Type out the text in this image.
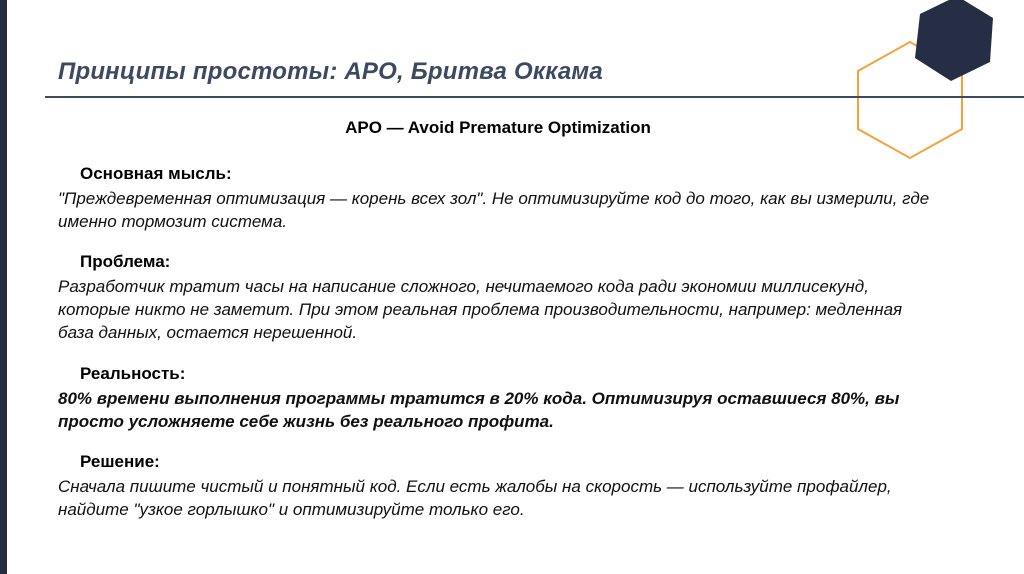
Принципы простоты: APO, Бритва Оккама
APO — Avoid Premature Optimization
Основная мысль:
"Преждевременная оптимизация — корень всех зол". Не оптимизируйте код до того, как вы измерили, где именно тормозит система.
Проблема:
Разработчик тратит часы на написание сложного, нечитаемого кода ради экономии миллисекунд, которые никто не заметит. При этом реальная проблема производительности, например: медленная база данных, остается нерешенной.
Реальность:
80% времени выполнения программы тратится в 20% кода. Оптимизируя оставшиеся 80%, вы просто усложняете себе жизнь без реального профита.
Решение:
Сначала пишите чистый и понятный код. Если есть жалобы на скорость — используйте профайлер, найдите "узкое горлышко" и оптимизируйте только его.
